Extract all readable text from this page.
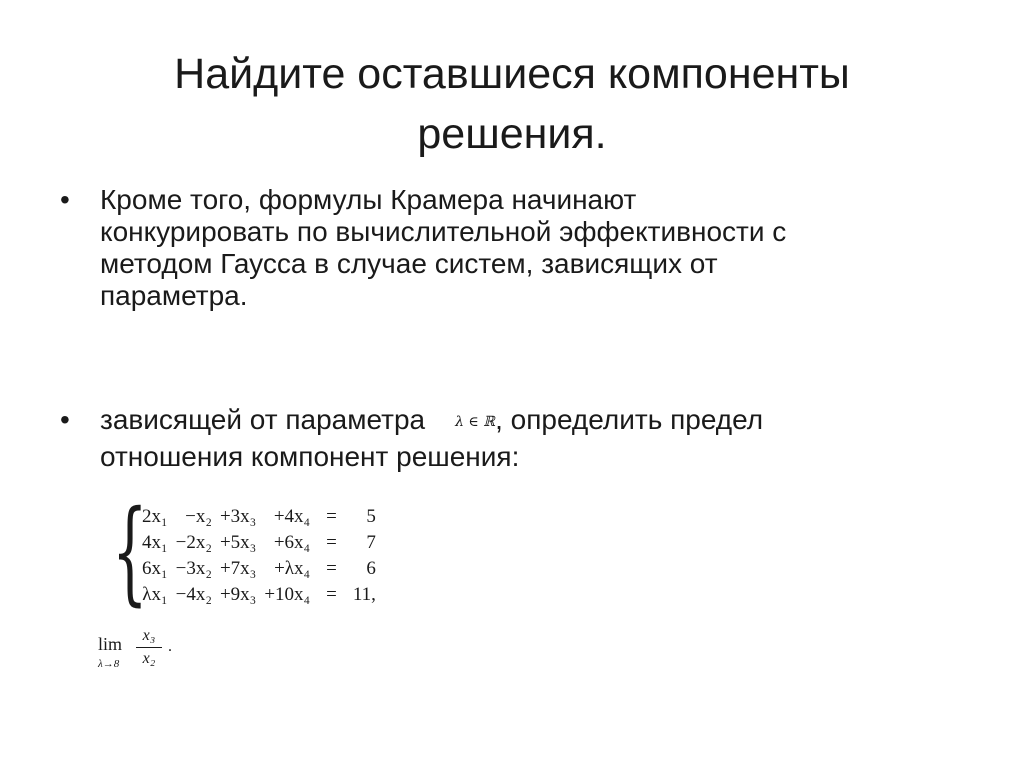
Найдите оставшиеся компоненты
решения.
•	Кроме того, формулы Крамера начинают
конкурировать по вычислительной эффективности с
методом Гаусса в случае систем, зависящих от
параметра.
•	зависящей от параметра λ ∈ ℝ, определить предел
отношения компонент решения:
{
2x₁	−x₂	+3x₃	+4x₄	=	5
4x₁	−2x₂	+5x₃	+6x₄	=	7
6x₁	−3x₂	+7x₃	+λx₄	=	6
λx₁	−4x₂	+9x₃	+10x₄	=	11,
lim
λ→8
x₃
x₂
.
